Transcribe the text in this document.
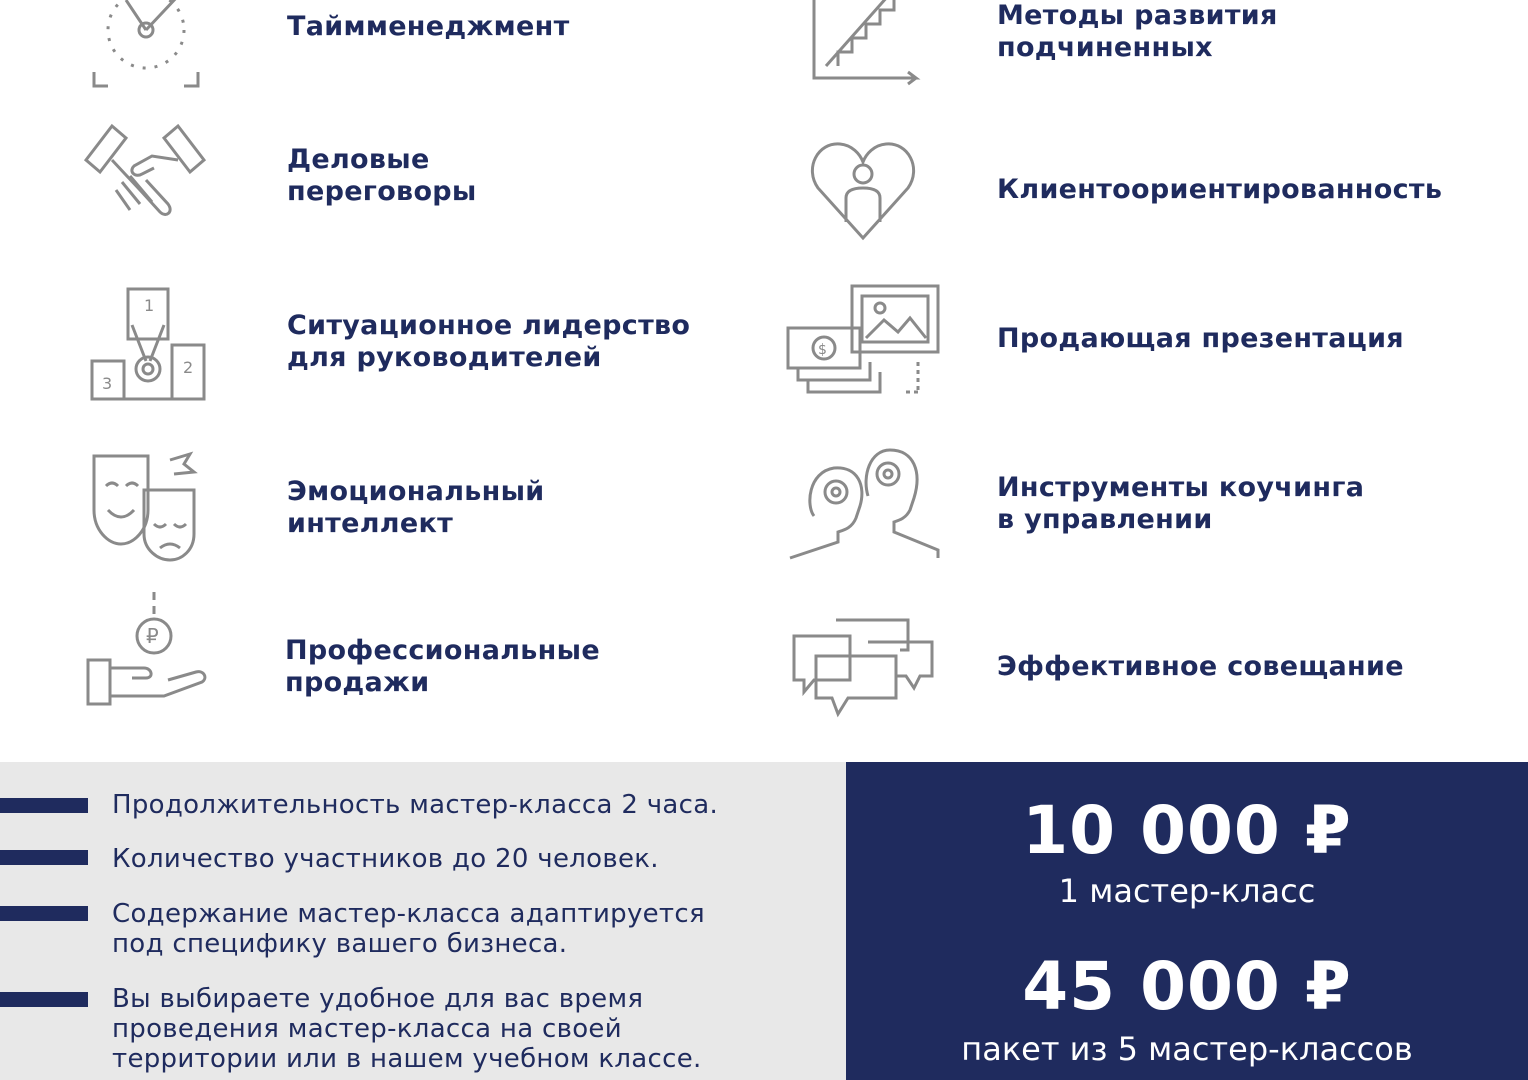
Таймменеджмент
Деловые
переговоры
1
2
3
Ситуационное лидерство
для руководителей
Эмоциональный
интеллект
₽	Профессиональные
продажи
Методы развития
подчиненных
Клиентоориентированность
$	Продающая презентация
Инструменты коучинга
в управлении
Эффективное совещание
Продолжительность мастер-класса 2 часа.
Количество участников до 20 человек.
Содержание мастер-класса адаптируется
под специфику вашего бизнеса.
Вы выбираете удобное для вас время
проведения мастер-класса на своей
территории или в нашем учебном классе.
10 000 ₽
1 мастер-класс
45 000 ₽
пакет из 5 мастер-классов
